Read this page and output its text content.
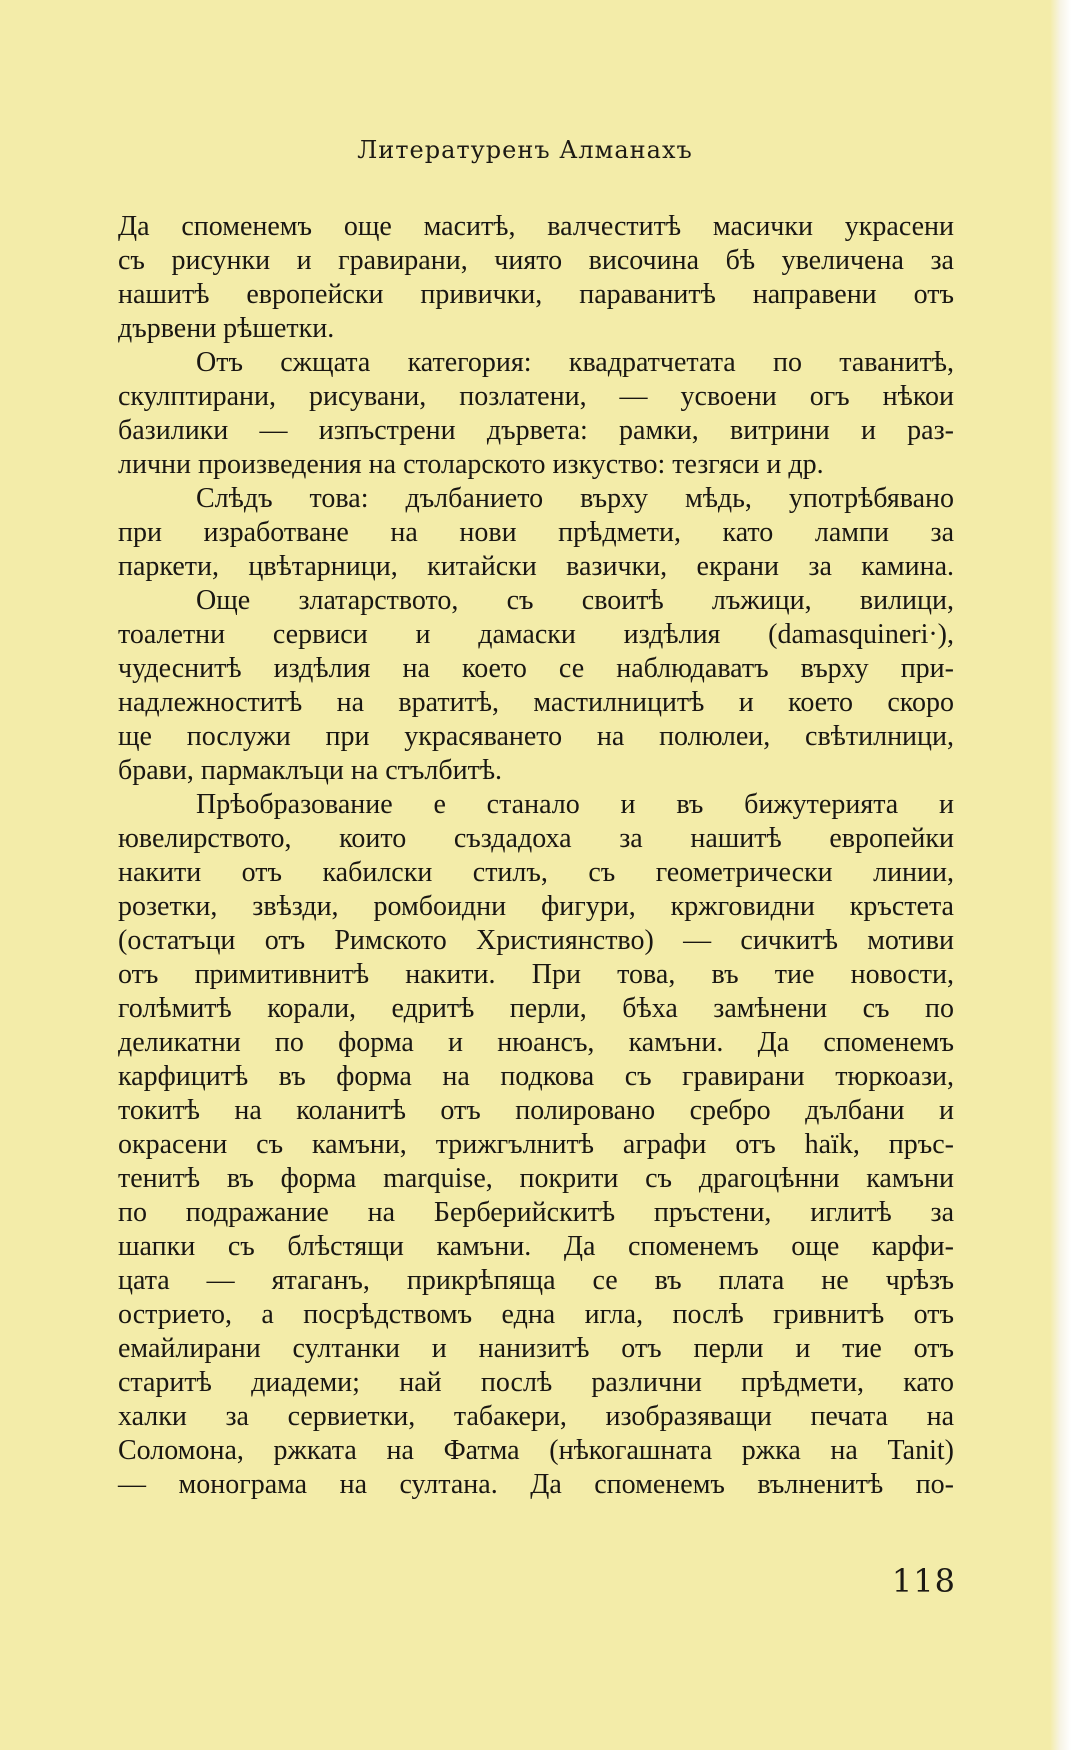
Литературенъ Алманахъ
Да споменемъ още маситѣ, валчеститѣ масички украсени
съ рисунки и гравирани, чиято височина бѣ увеличена за
нашитѣ европейски привички, параванитѣ направени отъ
дървени рѣшетки.
Отъ сжщата категория: квадратчетата по таванитѣ,
скулптирани, рисувани, позлатени, — усвоени огъ нѣкои
базилики — изпъстрени дървета: рамки, витрини и раз-
лични произведения на столарското изкуство: тезгяси и др.
Слѣдъ това: дълбанието върху мѣдь, употрѣбявано
при изработване на нови прѣдмети, като лампи за
паркети, цвѣтарници, китайски вазички, екрани за камина.
Още златарството, съ своитѣ лъжици, вилици,
тоалетни сервиси и дамаски издѣлия (damasquineri·),
чудеснитѣ издѣлия на което се наблюдаватъ върху при-
надлежноститѣ на вратитѣ, мастилницитѣ и което скоро
ще послужи при украсяването на полюлеи, свѣтилници,
брави, пармаклъци на стълбитѣ.
Прѣобразование е станало и въ бижутерията и
ювелирството, които създадоха за нашитѣ европейки
накити отъ кабилски стилъ, съ геометрически линии,
розетки, звѣзди, ромбоидни фигури, кржговидни кръстета
(остатъци отъ Римското Християнство) — сичкитѣ мотиви
отъ примитивнитѣ накити. При това, въ тие новости,
голѣмитѣ корали, едритѣ перли, бѣха замѣнени съ по
деликатни по форма и нюансъ, камъни. Да споменемъ
карфицитѣ въ форма на подкова съ гравирани тюркоази,
токитѣ на коланитѣ отъ полировано сребро дълбани и
окрасени съ камъни, трижгълнитѣ аграфи отъ haïk, пръс-
тенитѣ въ форма marquise, покрити съ драгоцѣнни камъни
по подражание на Берберийскитѣ пръстени, иглитѣ за
шапки съ блѣстящи камъни. Да споменемъ още карфи-
цата — ятаганъ, прикрѣпяща се въ плата не чрѣзъ
острието, а посрѣдствомъ една игла, послѣ гривнитѣ отъ
емайлирани султанки и нанизитѣ отъ перли и тие отъ
старитѣ диадеми; най послѣ различни прѣдмети, като
халки за сервиетки, табакери, изобразяващи печата на
Соломона, ржката на Фатма (нѣкогашната ржка на Tanit)
— монограма на султана. Да споменемъ вълненитѣ по-
118
